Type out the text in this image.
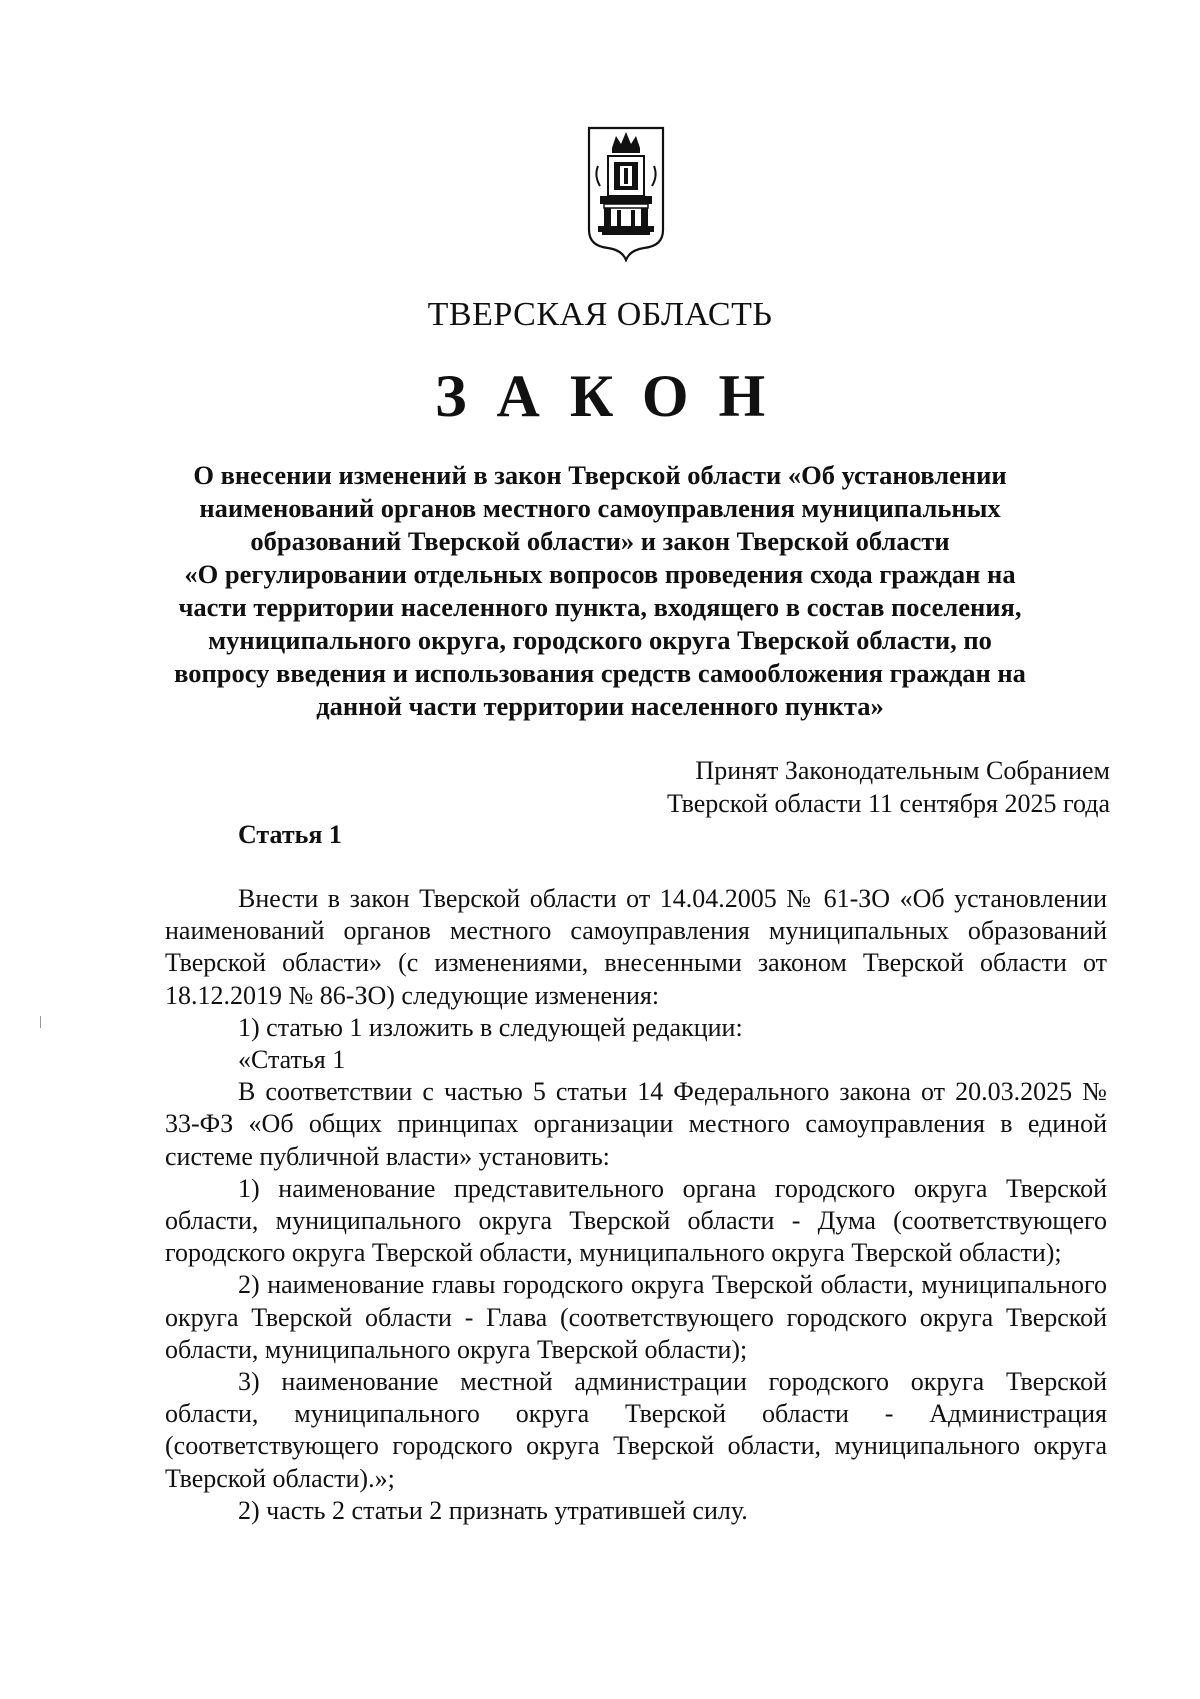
ТВЕРСКАЯ ОБЛАСТЬ
ЗАКОН
О внесении изменений в закон Тверской области «Об установлении
наименований органов местного самоуправления муниципальных
образований Тверской области» и закон Тверской области
«О регулировании отдельных вопросов проведения схода граждан на
части территории населенного пункта, входящего в состав поселения,
муниципального округа, городского округа Тверской области, по
вопросу введения и использования средств самообложения граждан на
данной части территории населенного пункта»
Принят Законодательным Собранием
Тверской области 11 сентября 2025 года
Статья 1

Внести в закон Тверской области от 14.04.2005 № 61-ЗО «Об установлении наименований органов местного самоуправления муниципальных образований Тверской области» (с изменениями, внесенными законом Тверской области от 18.12.2019 № 86-ЗО) следующие изменения:

1) статью 1 изложить в следующей редакции:

«Статья 1

В соответствии с частью 5 статьи 14 Федерального закона от 20.03.2025 № 33-ФЗ «Об общих принципах организации местного самоуправления в единой системе публичной власти» установить:

1) наименование представительного органа городского округа Тверской области, муниципального округа Тверской области - Дума (соответствующего городского округа Тверской области, муниципального округа Тверской области);

2) наименование главы городского округа Тверской области, муниципального округа Тверской области - Глава (соответствующего городского округа Тверской области, муниципального округа Тверской области);

3) наименование местной администрации городского округа Тверской области, муниципального округа Тверской области - Администрация (соответствующего городского округа Тверской области, муниципального округа Тверской области).»;

2) часть 2 статьи 2 признать утратившей силу.
